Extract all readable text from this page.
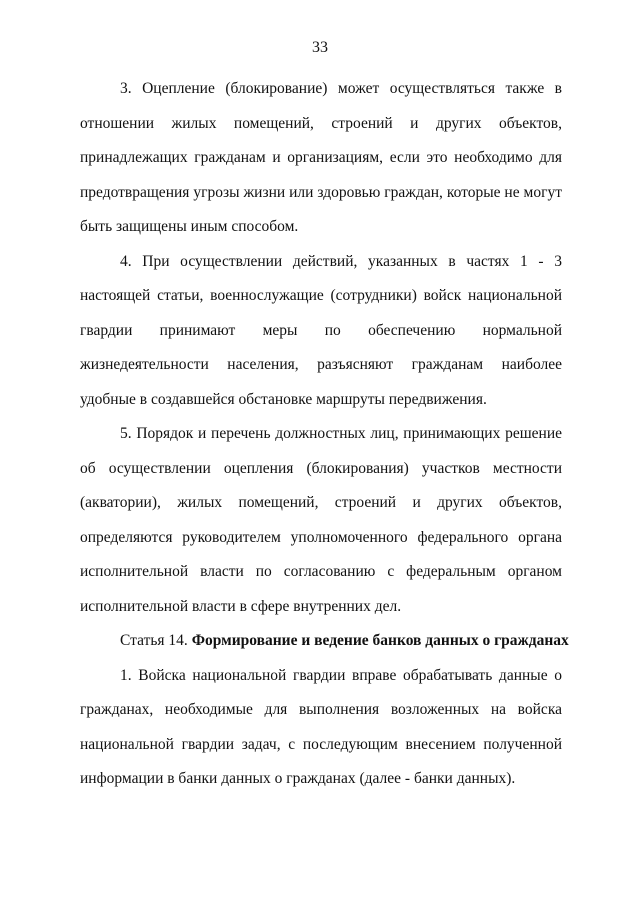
33

3. Оцепление (блокирование) может осуществляться также в отношении жилых помещений, строений и других объектов, принадлежащих гражданам и организациям, если это необходимо для предотвращения угрозы жизни или здоровью граждан, которые не могут быть защищены иным способом.

4. При осуществлении действий, указанных в частях 1 - 3 настоящей статьи, военнослужащие (сотрудники) войск национальной гвардии принимают меры по обеспечению нормальной жизнедеятельности населения, разъясняют гражданам наиболее удобные в создавшейся обстановке маршруты передвижения.

5. Порядок и перечень должностных лиц, принимающих решение об осуществлении оцепления (блокирования) участков местности (акватории), жилых помещений, строений и других объектов, определяются руководителем уполномоченного федерального органа исполнительной власти по согласованию с федеральным органом исполнительной власти в сфере внутренних дел.

Статья 14. Формирование и ведение банков данных о гражданах

1. Войска национальной гвардии вправе обрабатывать данные о гражданах, необходимые для выполнения возложенных на войска национальной гвардии задач, с последующим внесением полученной информации в банки данных о гражданах (далее - банки данных).
